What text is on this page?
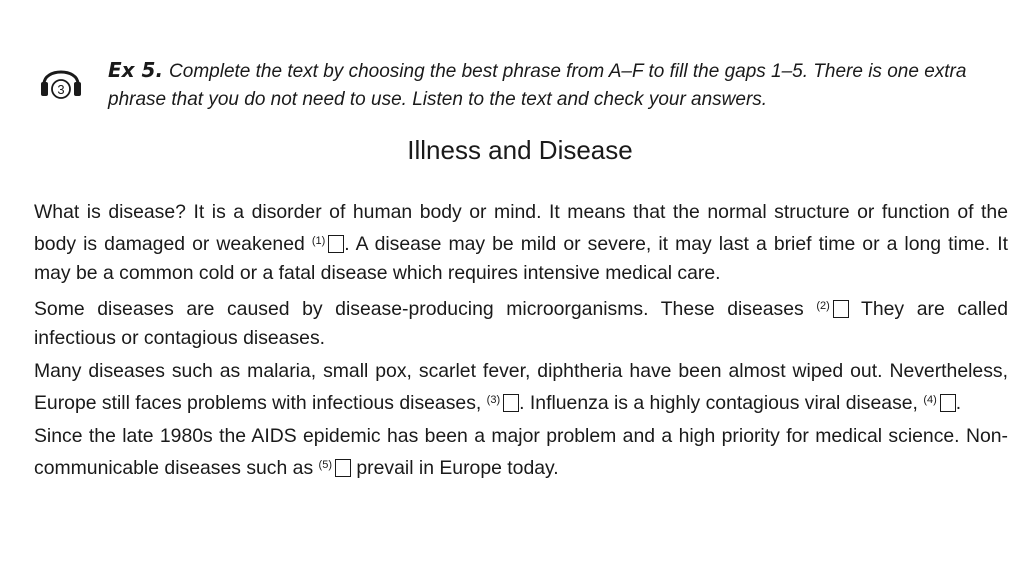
3
Ex 5. Complete the text by choosing the best phrase from A–F to fill the gaps 1–5. There is one extra phrase that you do not need to use. Listen to the text and check your answers.
Illness and Disease

What is disease? It is a disorder of human body or mind. It means that the normal structure or function of the body is damaged or weakened $^{(1)}$ . A disease may be mild or severe, it may last a brief time or a long time. It may be a common cold or a fatal disease which requires intensive medical care.

Some diseases are caused by disease-producing microorganisms. These diseases $^{(2)}$ They are called infectious or contagious diseases.

Many diseases such as malaria, small pox, scarlet fever, diphtheria have been almost wiped out. Nevertheless, Europe still faces problems with infectious diseases, $^{(3)}$ . Influenza is a highly contagious viral disease, $^{(4)}$ .

Since the late 1980s the AIDS epidemic has been a major problem and a high priority for medical science. Non-communicable diseases such as $^{(5)}$ prevail in Europe today.
